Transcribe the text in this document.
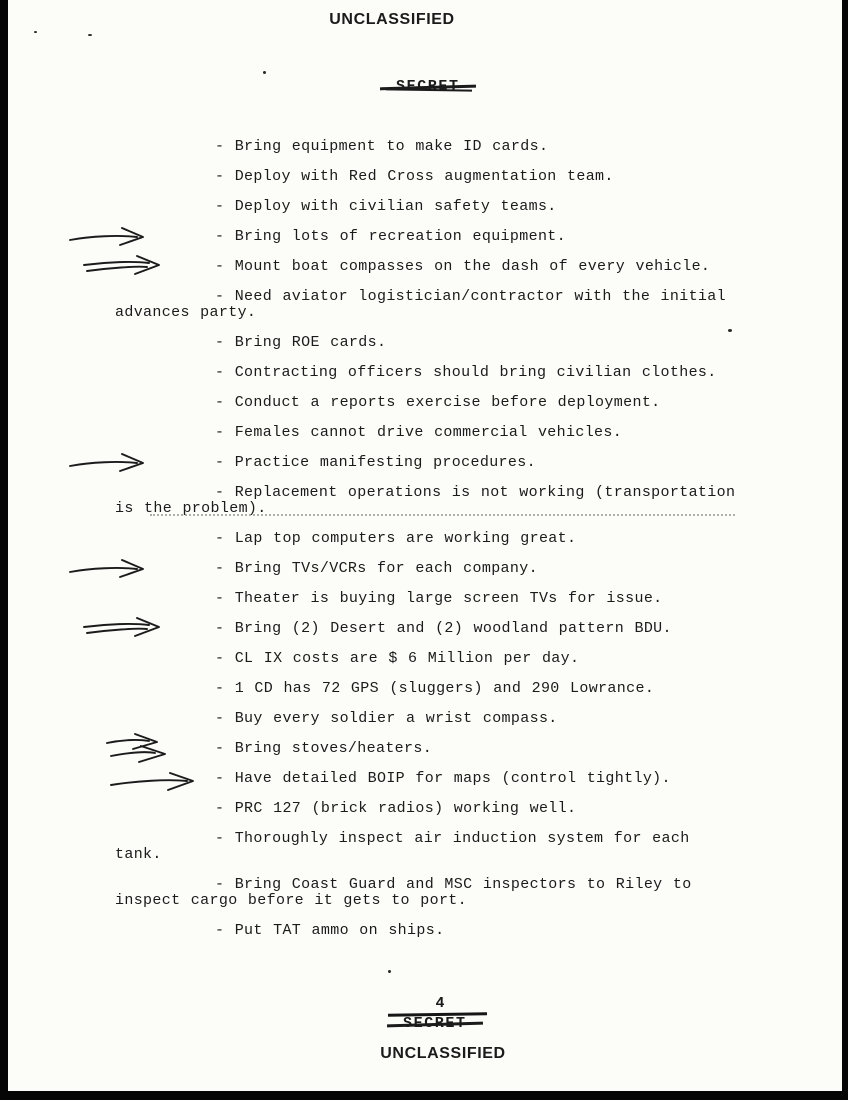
UNCLASSIFIED
- Bring equipment to make ID cards.
- Deploy with Red Cross augmentation team.
- Deploy with civilian safety teams.
- Bring lots of recreation equipment.
- Mount boat compasses on the dash of every vehicle.
- Need aviator logistician/contractor with the initial
advances party.
- Bring ROE cards.
- Contracting officers should bring civilian clothes.
- Conduct a reports exercise before deployment.
- Females cannot drive commercial vehicles.
- Practice manifesting procedures.
- Replacement operations is not working (transportation
is the problem).
- Lap top computers are working great.
- Bring TVs/VCRs for each company.
- Theater is buying large screen TVs for issue.
- Bring (2) Desert and (2) woodland pattern BDU.
- CL IX costs are $ 6 Million per day.
- 1 CD has 72 GPS (sluggers) and 290 Lowrance.
- Buy every soldier a wrist compass.
- Bring stoves/heaters.
- Have detailed BOIP for maps (control tightly).
- PRC 127 (brick radios) working well.
- Thoroughly inspect air induction system for each
tank.
- Bring Coast Guard and MSC inspectors to Riley to
inspect cargo before it gets to port.
- Put TAT ammo on ships.
4
UNCLASSIFIED
